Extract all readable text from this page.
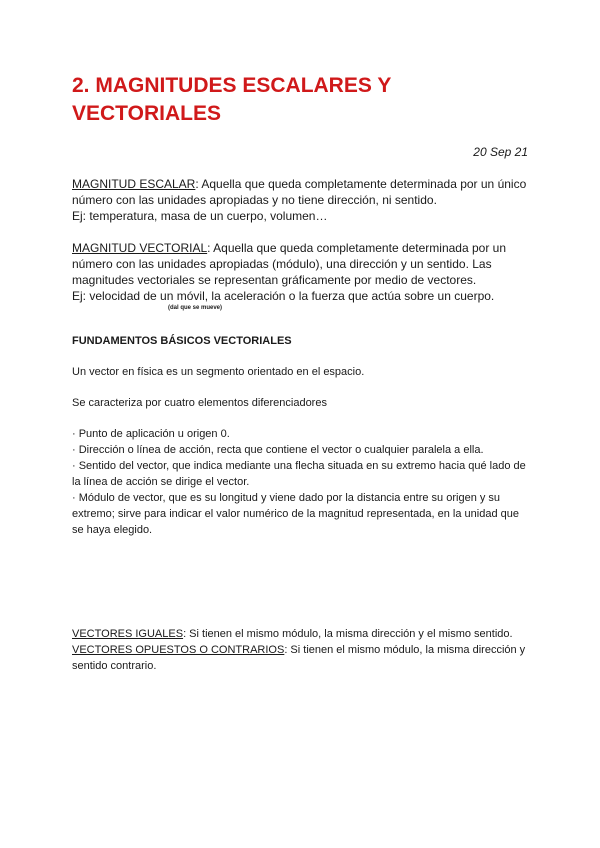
2. MAGNITUDES ESCALARES Y VECTORIALES
20 Sep 21

MAGNITUD ESCALAR: Aquella que queda completamente determinada por un único número con las unidades apropiadas y no tiene dirección, ni sentido.

Ej: temperatura, masa de un cuerpo, volumen…

MAGNITUD VECTORIAL: Aquella que queda completamente determinada por un número con las unidades apropiadas (módulo), una dirección y un sentido. Las magnitudes vectoriales se representan gráficamente por medio de vectores.

Ej: velocidad de un móvil, la aceleración o la fuerza que actúa sobre un cuerpo.

(dal que se mueve)

FUNDAMENTOS BÁSICOS VECTORIALES

Un vector en física es un segmento orientado en el espacio.

Se caracteriza por cuatro elementos diferenciadores

· Punto de aplicación u origen 0.

· Dirección o línea de acción, recta que contiene el vector o cualquier paralela a ella.

· Sentido del vector, que indica mediante una flecha situada en su extremo hacia qué lado de la línea de acción se dirige el vector.

· Módulo de vector, que es su longitud y viene dado por la distancia entre su origen y su extremo; sirve para indicar el valor numérico de la magnitud representada, en la unidad que se haya elegido.

VECTORES IGUALES: Si tienen el mismo módulo, la misma dirección y el mismo sentido.

VECTORES OPUESTOS O CONTRARIOS: Si tienen el mismo módulo, la misma dirección y sentido contrario.
